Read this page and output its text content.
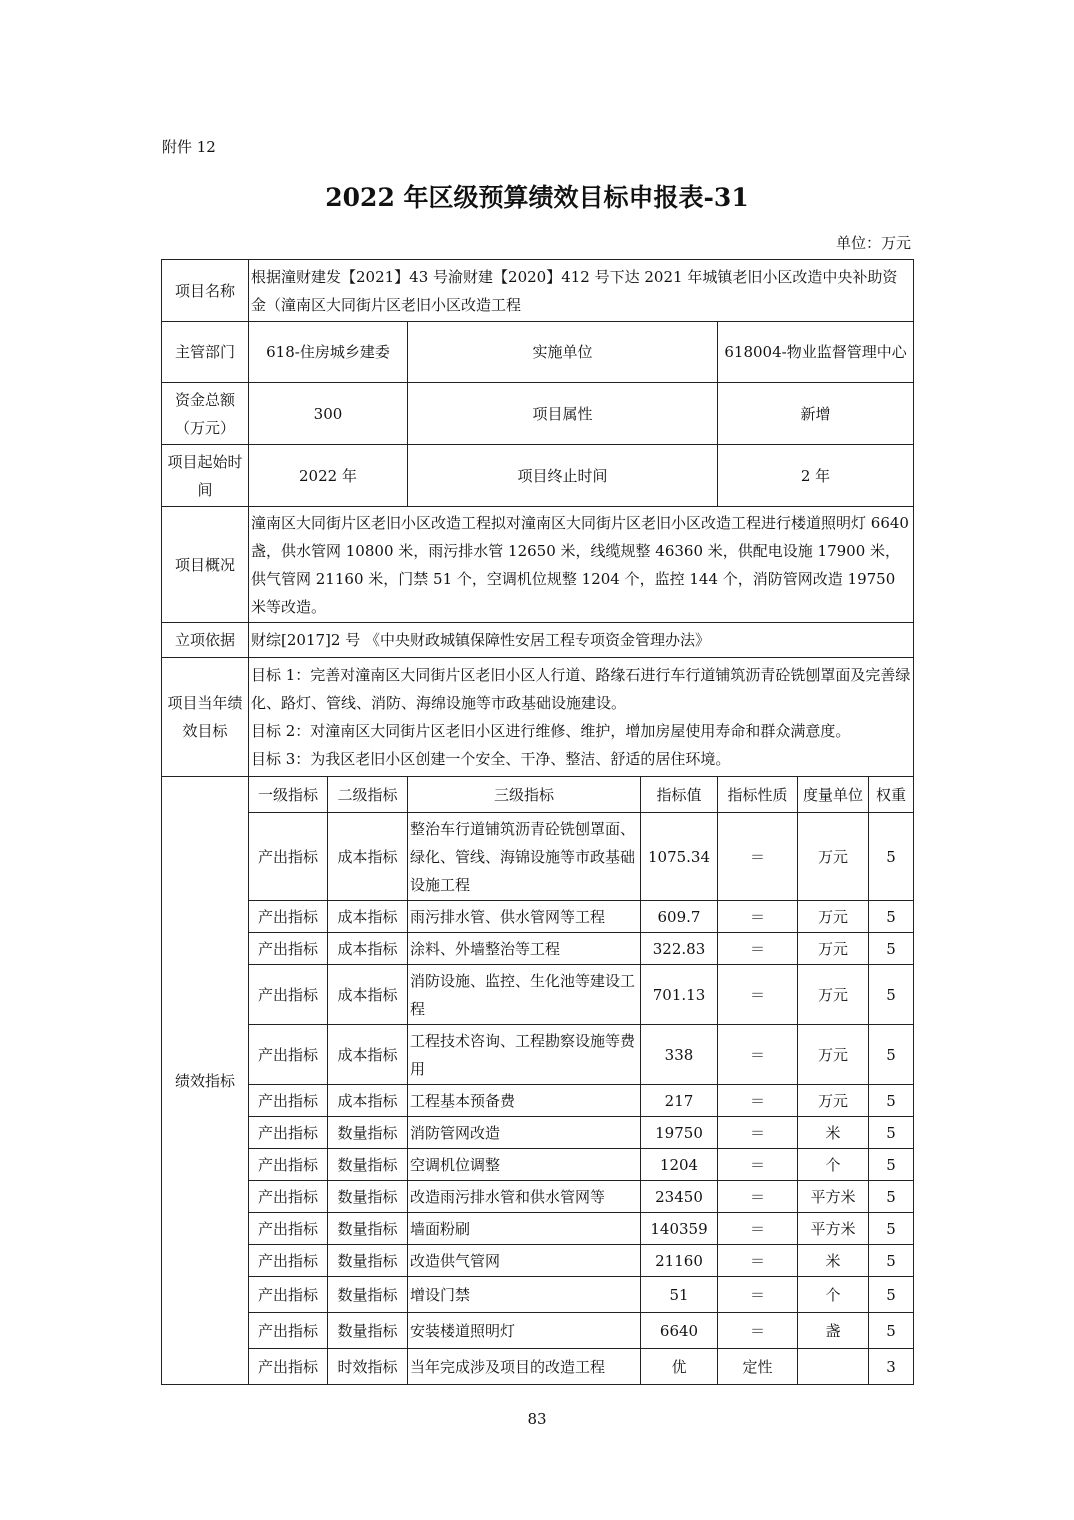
附件 12
2022 年区级预算绩效目标申报表-31
单位：万元
项目名称	根据潼财建发【2021】43 号渝财建【2020】412 号下达 2021 年城镇老旧小区改造中央补助资金（潼南区大同街片区老旧小区改造工程						
主管部门	618-住房城乡建委		实施单位		618004-物业监督管理中心		
资金总额（万元）	300		项目属性		新增		
项目起始时间	2022 年		项目终止时间		2 年		
项目概况	潼南区大同街片区老旧小区改造工程拟对潼南区大同街片区老旧小区改造工程进行楼道照明灯 6640 盏，供水管网 10800 米，雨污排水管 12650 米，线缆规整 46360 米，供配电设施 17900 米，供气管网 21160 米，门禁 51 个，空调机位规整 1204 个，监控 144 个，消防管网改造 19750 米等改造。						
立项依据	财综[2017]2 号 《中央财政城镇保障性安居工程专项资金管理办法》						
项目当年绩效目标	目标 1：完善对潼南区大同街片区老旧小区人行道、路缘石进行车行道铺筑沥青砼铣刨罩面及完善绿化、路灯、管线、消防、海绵设施等市政基础设施建设。
目标 2：对潼南区大同街片区老旧小区进行维修、维护，增加房屋使用寿命和群众满意度。
目标 3：为我区老旧小区创建一个安全、干净、整洁、舒适的居住环境。						

绩效指标	一级指标	二级指标	三级指标	指标值	指标性质	度量单位	权重
	产出指标	成本指标	整治车行道铺筑沥青砼铣刨罩面、绿化、管线、海锦设施等市政基础设施工程	1075.34	＝	万元	5
	产出指标	成本指标	雨污排水管、供水管网等工程	609.7	＝	万元	5
	产出指标	成本指标	涂料、外墙整治等工程	322.83	＝	万元	5
	产出指标	成本指标	消防设施、监控、生化池等建设工程	701.13	＝	万元	5
	产出指标	成本指标	工程技术咨询、工程勘察设施等费用	338	＝	万元	5
	产出指标	成本指标	工程基本预备费	217	＝	万元	5
	产出指标	数量指标	消防管网改造	19750	＝	米	5
	产出指标	数量指标	空调机位调整	1204	＝	个	5
	产出指标	数量指标	改造雨污排水管和供水管网等	23450	＝	平方米	5
	产出指标	数量指标	墙面粉刷	140359	＝	平方米	5
	产出指标	数量指标	改造供气管网	21160	＝	米	5
	产出指标	数量指标	增设门禁	51	＝	个	5
	产出指标	数量指标	安装楼道照明灯	6640	＝	盏	5
	产出指标	时效指标	当年完成涉及项目的改造工程	优	定性		3
83
